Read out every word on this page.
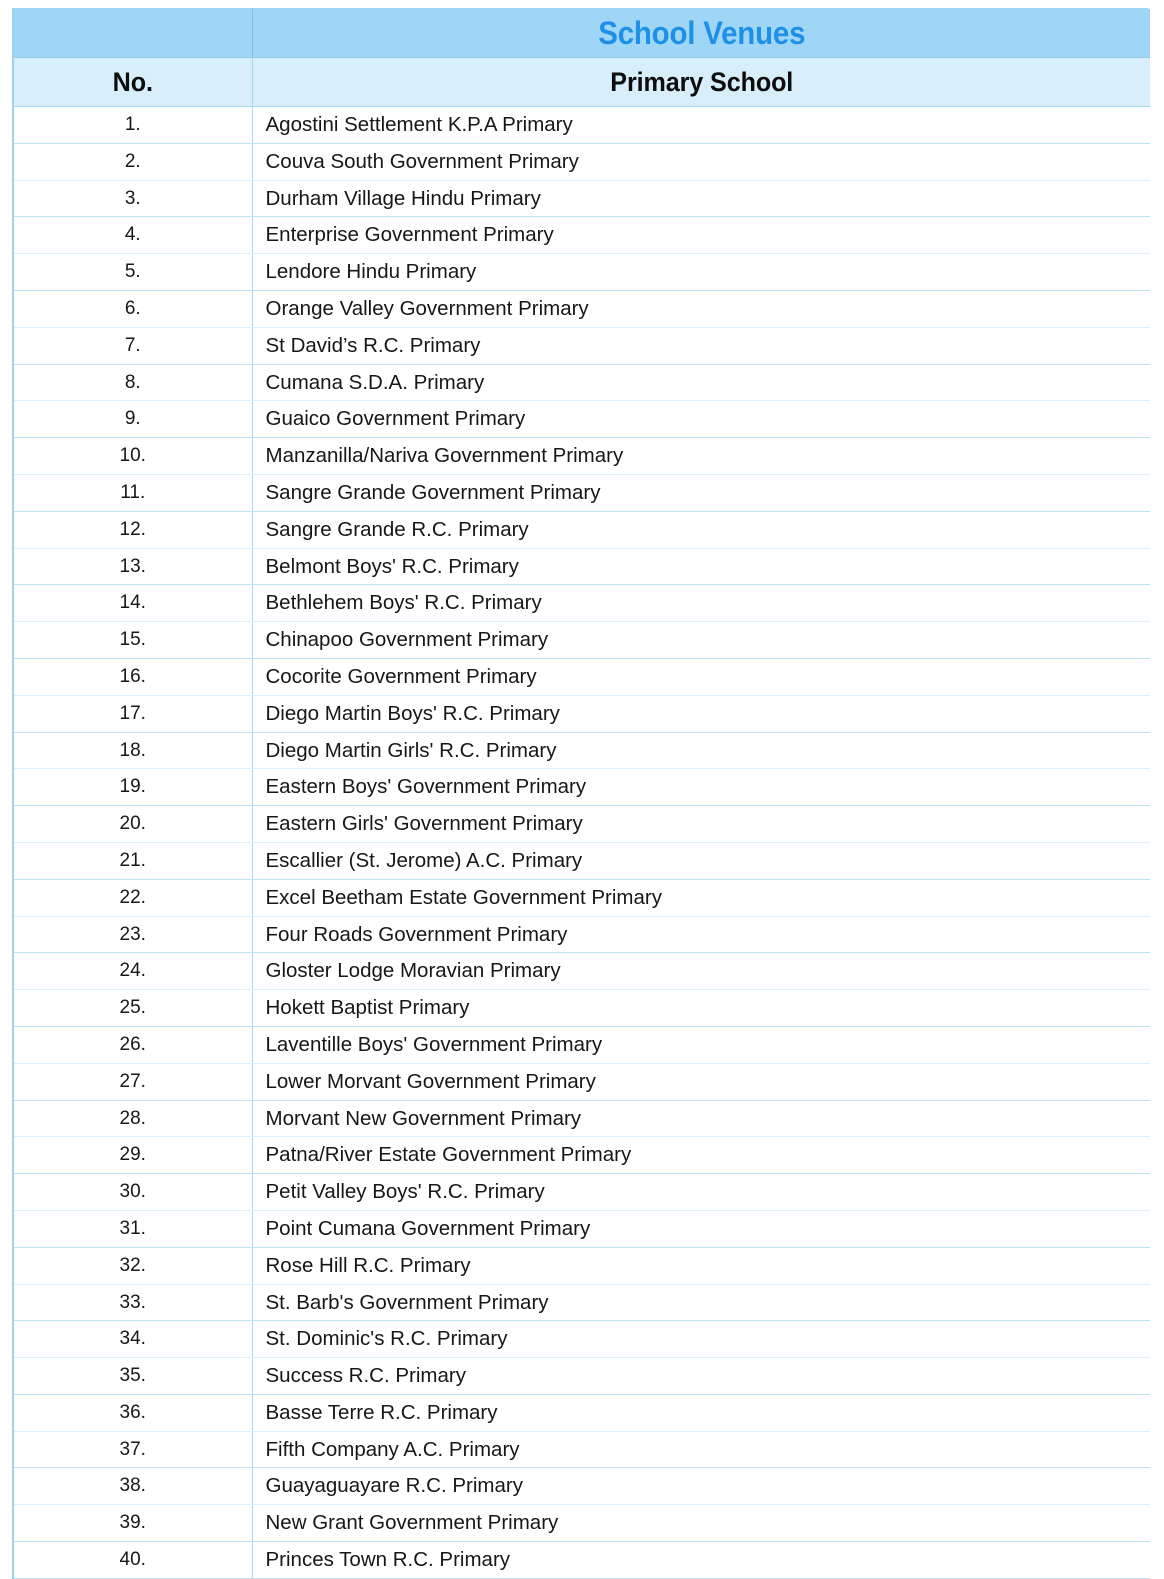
	School Venues

No.	Primary School

1.	Agostini Settlement K.P.A Primary

2.	Couva South Government Primary

3.	Durham Village Hindu Primary

4.	Enterprise Government Primary

5.	Lendore Hindu Primary

6.	Orange Valley Government Primary

7.	St David’s R.C. Primary

8.	Cumana S.D.A. Primary

9.	Guaico Government Primary

10.	Manzanilla/Nariva Government Primary

11.	Sangre Grande Government Primary

12.	Sangre Grande R.C. Primary

13.	Belmont Boys' R.C. Primary

14.	Bethlehem Boys' R.C. Primary

15.	Chinapoo Government Primary

16.	Cocorite Government Primary

17.	Diego Martin Boys' R.C. Primary

18.	Diego Martin Girls' R.C. Primary

19.	Eastern Boys' Government Primary

20.	Eastern Girls' Government Primary

21.	Escallier (St. Jerome) A.C. Primary

22.	Excel Beetham Estate Government Primary

23.	Four Roads Government Primary

24.	Gloster Lodge Moravian Primary

25.	Hokett Baptist Primary

26.	Laventille Boys' Government Primary

27.	Lower Morvant Government Primary

28.	Morvant New Government Primary

29.	Patna/River Estate Government Primary

30.	Petit Valley Boys' R.C. Primary

31.	Point Cumana Government Primary

32.	Rose Hill R.C. Primary

33.	St. Barb's Government Primary

34.	St. Dominic's R.C. Primary

35.	Success R.C. Primary

36.	Basse Terre R.C. Primary

37.	Fifth Company A.C. Primary

38.	Guayaguayare R.C. Primary

39.	New Grant Government Primary

40.	Princes Town R.C. Primary
